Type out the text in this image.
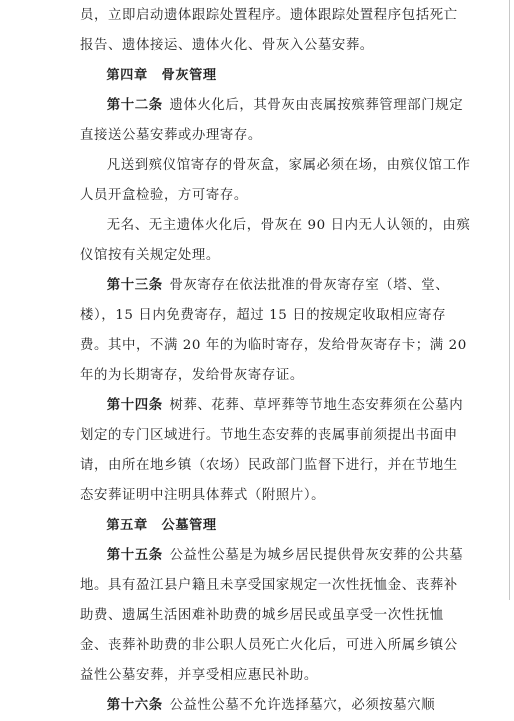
员，立即启动遗体跟踪处置程序。遗体跟踪处置程序包括死亡报告、遗体接运、遗体火化、骨灰入公墓安葬。

第四章　骨灰管理

第十二条 遗体火化后，其骨灰由丧属按殡葬管理部门规定直接送公墓安葬或办理寄存。

凡送到殡仪馆寄存的骨灰盒，家属必须在场，由殡仪馆工作人员开盒检验，方可寄存。

无名、无主遗体火化后，骨灰在 90 日内无人认领的，由殡仪馆按有关规定处理。

第十三条 骨灰寄存在依法批准的骨灰寄存室（塔、堂、楼），15 日内免费寄存，超过 15 日的按规定收取相应寄存费。其中，不满 20 年的为临时寄存，发给骨灰寄存卡；满 20 年的为长期寄存，发给骨灰寄存证。

第十四条 树葬、花葬、草坪葬等节地生态安葬须在公墓内划定的专门区域进行。节地生态安葬的丧属事前须提出书面申请，由所在地乡镇（农场）民政部门监督下进行，并在节地生态安葬证明中注明具体葬式（附照片）。

第五章　公墓管理

第十五条 公益性公墓是为城乡居民提供骨灰安葬的公共墓地。具有盈江县户籍且未享受国家规定一次性抚恤金、丧葬补助费、遗属生活困难补助费的城乡居民或虽享受一次性抚恤金、丧葬补助费的非公职人员死亡火化后，可进入所属乡镇公益性公墓安葬，并享受相应惠民补助。

第十六条 公益性公墓不允许选择墓穴，必须按墓穴顺
